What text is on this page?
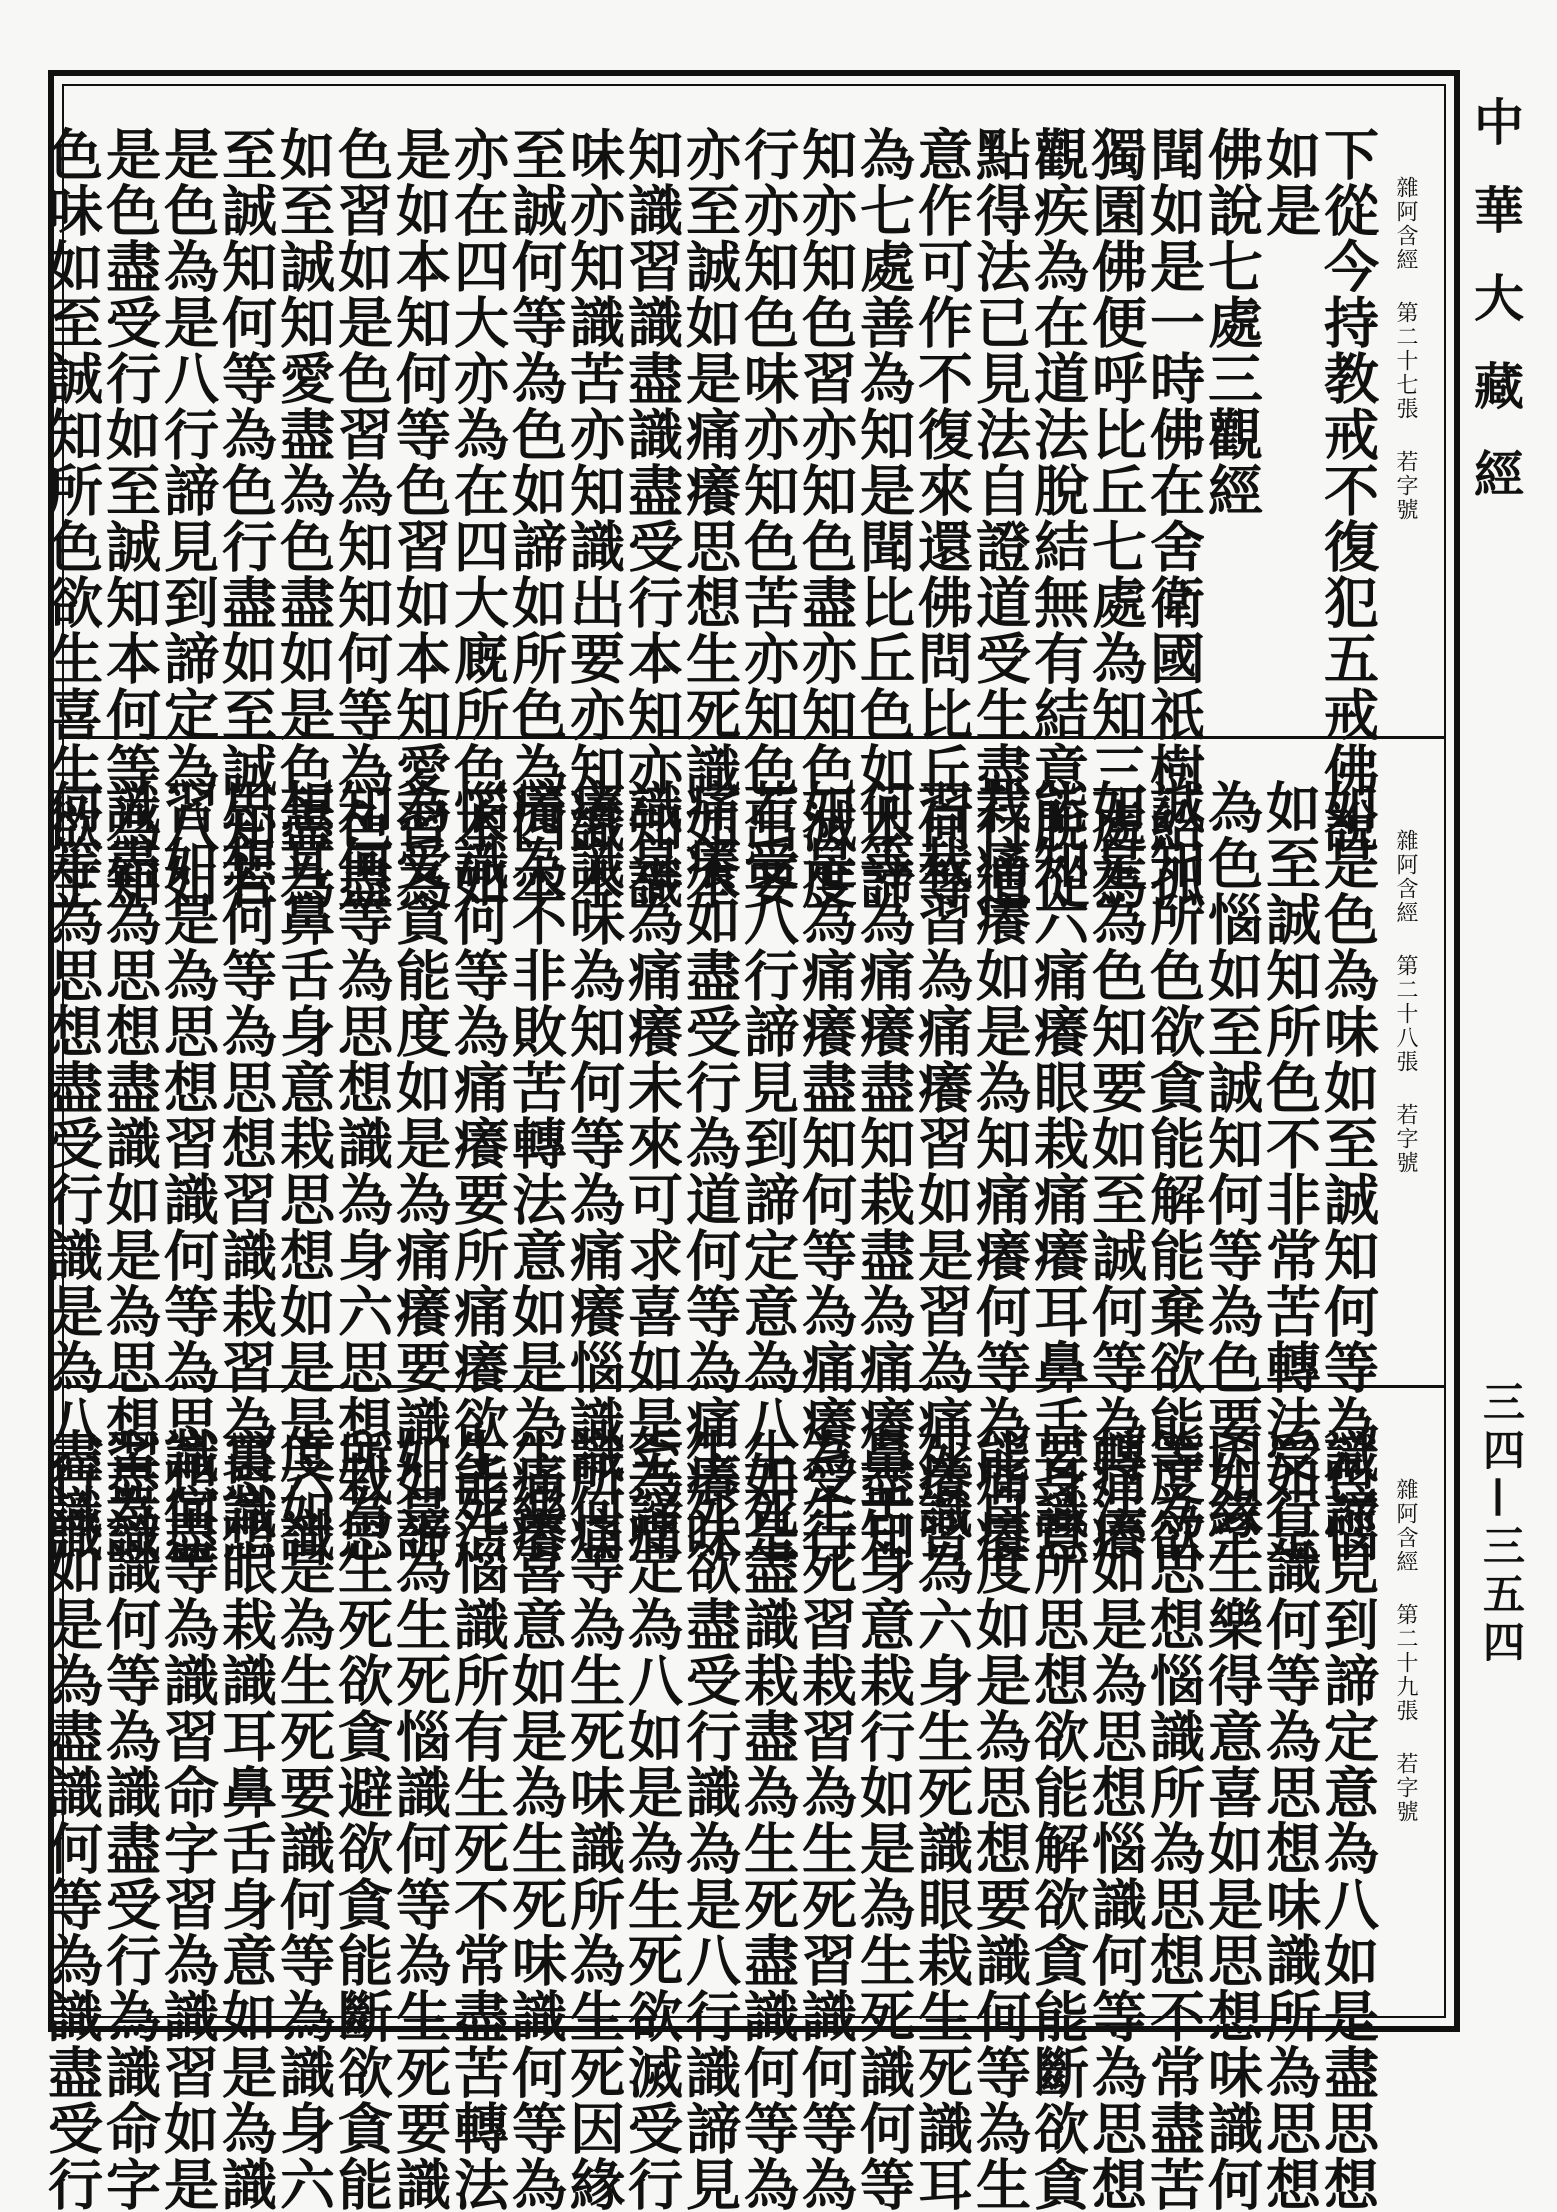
中華大藏經
三四—三五四
雜阿含經 第二十七張 若字號
下從今持教戒不復犯五戒佛說
如是
佛說七處三觀經
聞如是一時佛在舍衛國祇樹給孤
獨園佛便呼比丘七處為知三處為
觀疾為在道法脫結無有結意脫從
點得法已見法自證道受生盡行道
意作可作不復來還佛問比丘何等
為七處善為知是聞比丘色如本諦
知亦知色習亦知色盡亦知色滅度
行亦知色味亦知色苦亦知色出要
亦至誠如是痛癢思想生死識如本
知識習識盡識盡受行本知亦知識
味亦知識苦亦知識出要亦知識本
至誠何等為色如諦如所色為四本
亦在四大亦為在四大廐所色本如
是如本知何等色習如本知愛習為
色習如是色習為知知何等為色盡
如至誠知愛盡為色盡如是色盡為
至誠知何等為色行盡如至誠知若
是色為是八行諦見到諦定為八如
是色盡受行如至誠知本何等為知
色味如至誠知所色欲生喜生欲生	雜阿含經 第二十八張 若字號
如是色為味如至誠知何等為色惱
如至誠知所色不非常苦轉法如是
為色惱如至誠知何等為色要如至
誠知所色欲貪能解能棄欲能度欲
如是為色知要如至誠何等為痛癢
能知六痛癢眼栽痛癢耳鼻舌身意
栽痛癢如是為知痛癢何等為痛癢
習栽習為痛癢習如是習為痛癢習
何等為痛癢盡知栽盡為痛癢盡知
如是為痛癢盡知何等為痛癢受行
若受八行諦見到諦定意為八如是
痛癢如盡受行為道何等為痛癢味
識是為痛癢未來可求喜如是為痛
癢識味為知何等為痛癢惱識所痛
癢為不非敗苦轉法意如是為痛癢
惱識何等為痛癢要所痛癢欲能活
為受貪能度如是為痛癢要識如諦
知何等為思想識為身六思想栽思
想耳鼻舌身意栽思想如是是六識
思想何等為思想習識栽習為思想
習如是為思想習識何等為思想盡
識盡為思想盡識如是為思想盡識
何等為思想盡受行識是為八行識	雜阿含經 第二十九張 若字號
識諦見到諦定意為八如是盡思想
受行識何等為思想味識所為思想
因緣生樂得意喜如是思想味識何
等為思想惱識所為思想不常盡苦
轉法如是為思想惱識何等為思想
要識所思想欲能解欲貪能斷欲貪
能自度如是為思想要識何等為生
死識為六身生死識眼栽生死識耳
鼻舌身意栽行如是為生死識何等
為生死習栽習為生死習識何等為
生死盡識栽盡為生死盡識何等為
生死欲盡受行識為是八行識諦見
至諦定為八如是為生死欲滅受行
識何等為生死味識所為生死因緣
生樂喜意如是為生死味識何等為
生死惱識所有生死不常盡苦轉法
如是為生死惱識何等為生死要識
所為生死欲貪避欲貪能斷欲貪能
度如是為生死要識何等為識身六
裏識眼栽識耳鼻舌身意如是為識
識何等為識習命字習為識習如是
習為識何等為識盡受行為識命字
盡識如是為盡識何等為識盡受行
